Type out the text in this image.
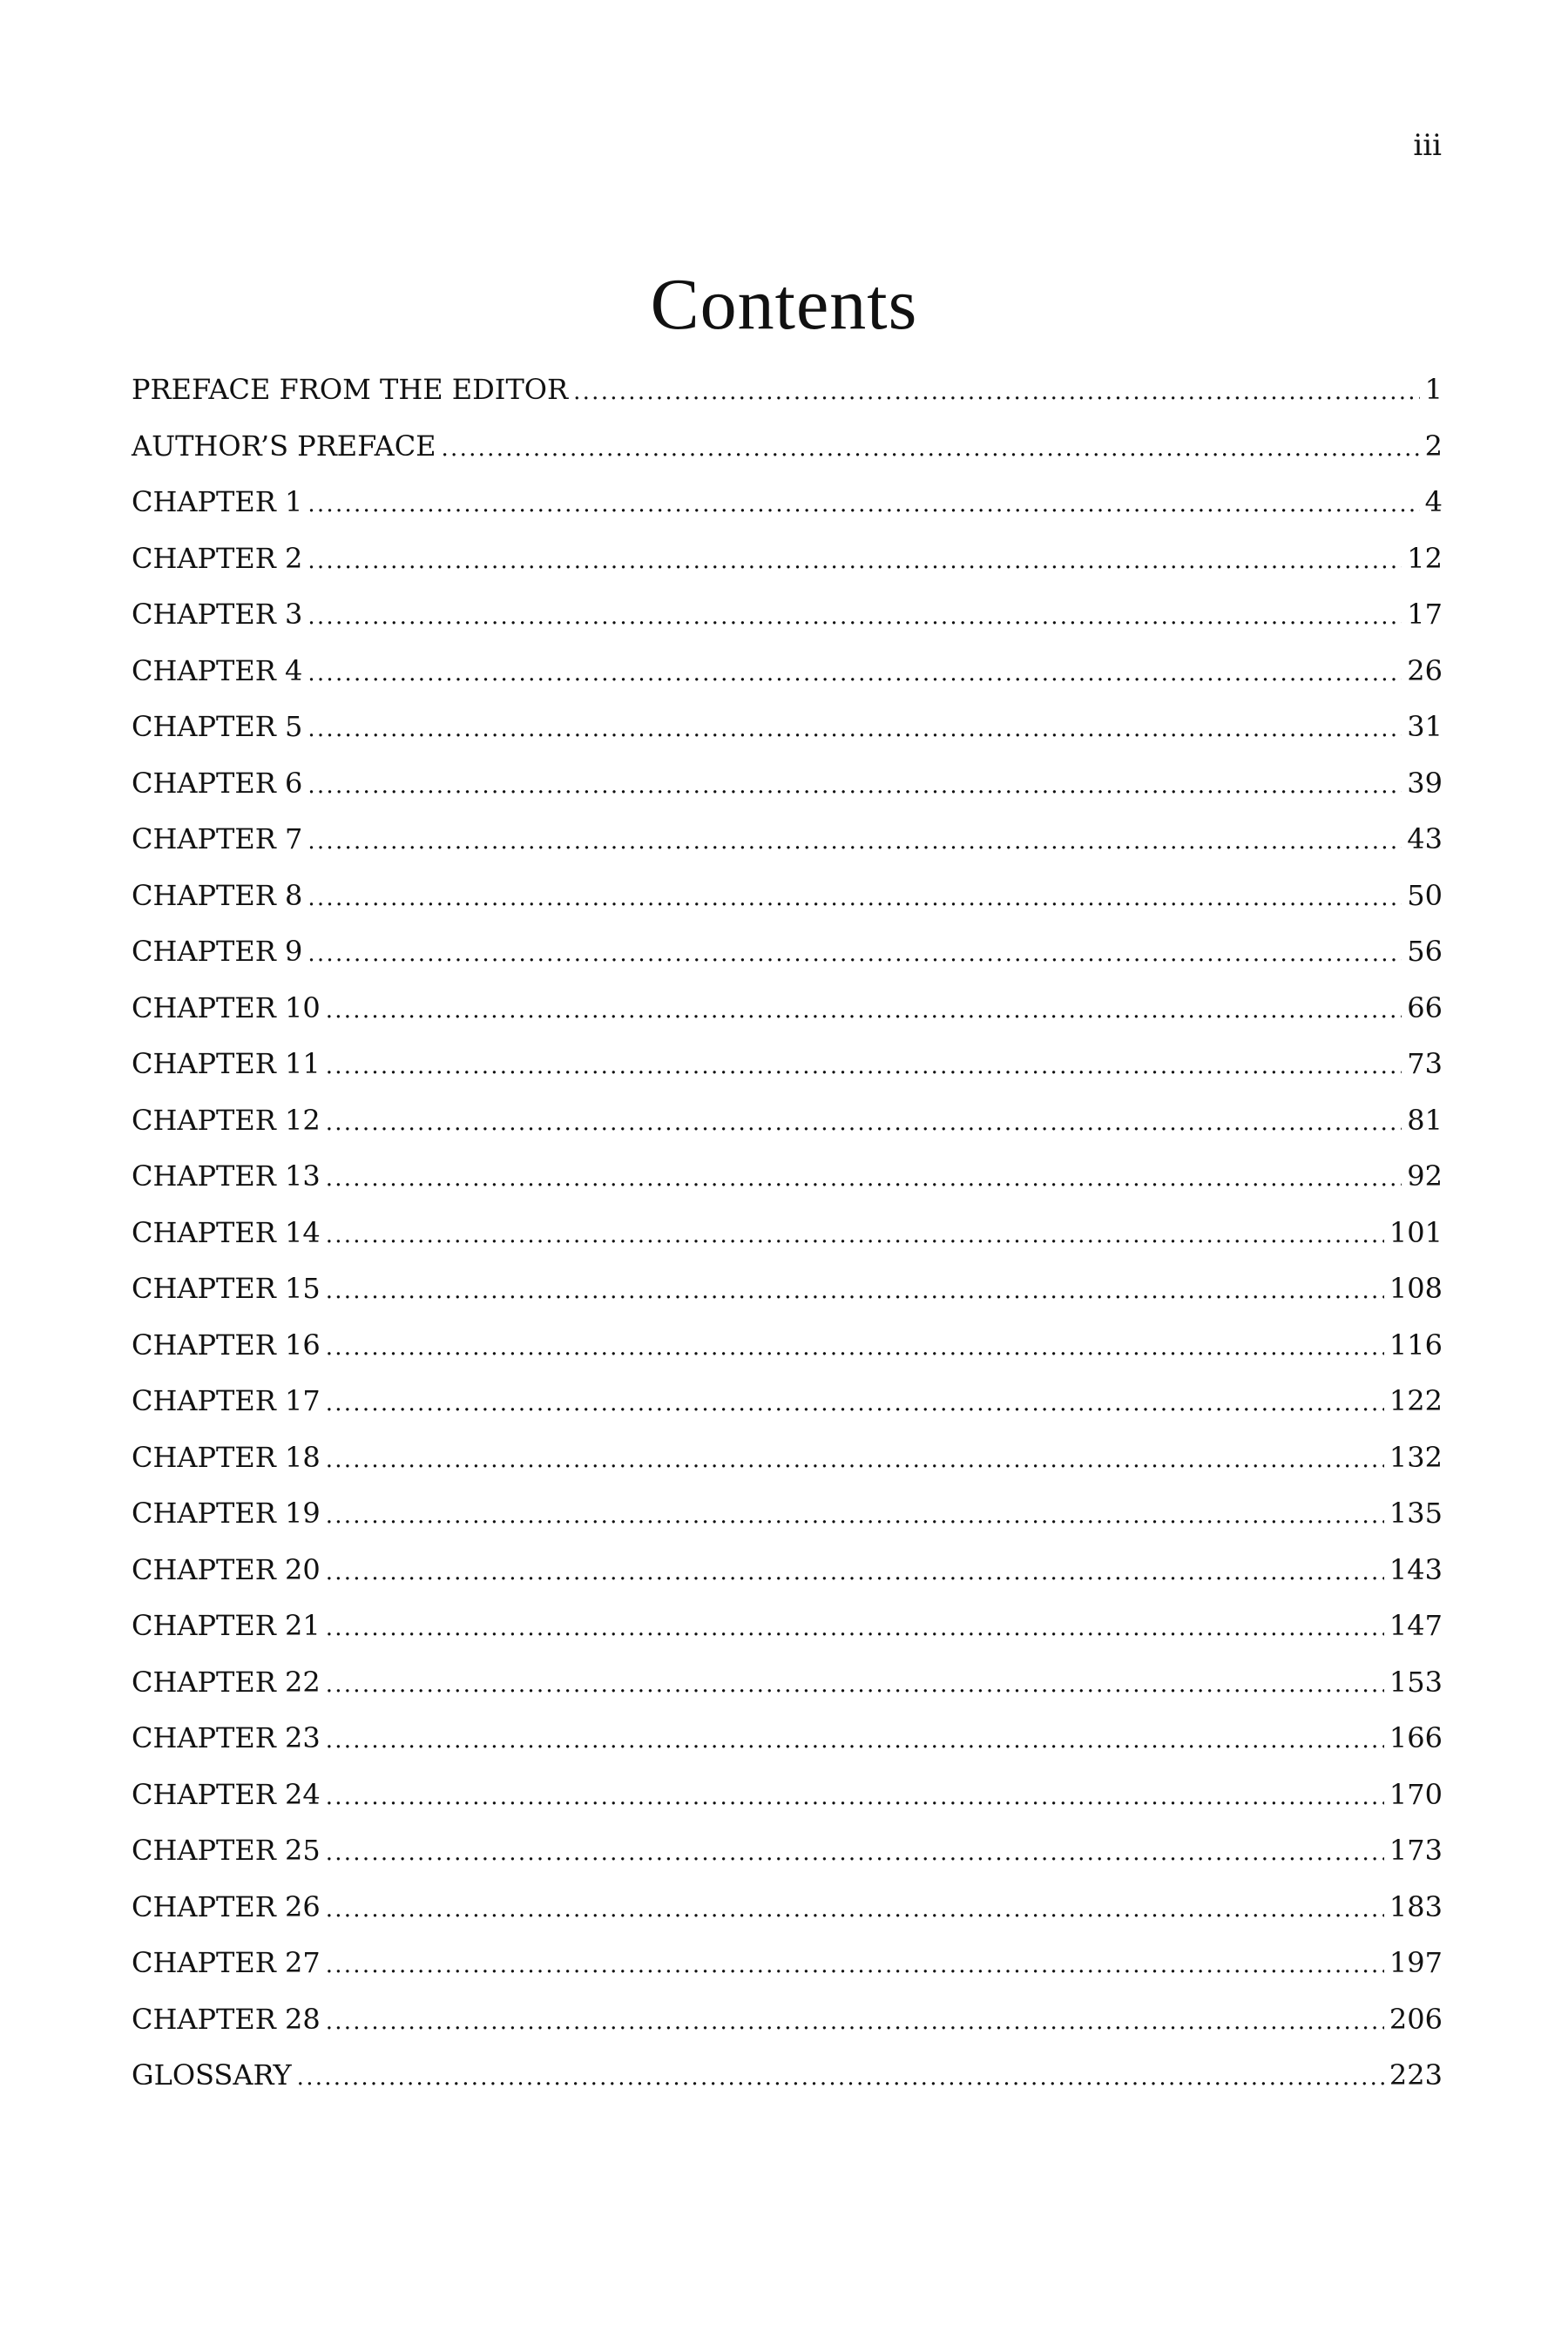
iii
Contents
PREFACE FROM THE EDITOR . . .	1
AUTHOR’S PREFACE . . .	2
CHAPTER 1 . . .	4
CHAPTER 2 . . .	12
CHAPTER 3 . . .	17
CHAPTER 4 . . .	26
CHAPTER 5 . . .	31
CHAPTER 6 . . .	39
CHAPTER 7 . . .	43
CHAPTER 8 . . .	50
CHAPTER 9 . . .	56
CHAPTER 10 . . .	66
CHAPTER 11 . . .	73
CHAPTER 12 . . .	81
CHAPTER 13 . . .	92
CHAPTER 14 . . .	101
CHAPTER 15 . . .	108
CHAPTER 16 . . .	116
CHAPTER 17 . . .	122
CHAPTER 18 . . .	132
CHAPTER 19 . . .	135
CHAPTER 20 . . .	143
CHAPTER 21 . . .	147
CHAPTER 22 . . .	153
CHAPTER 23 . . .	166
CHAPTER 24 . . .	170
CHAPTER 25 . . .	173
CHAPTER 26 . . .	183
CHAPTER 27 . . .	197
CHAPTER 28 . . .	206
GLOSSARY . . .	223
